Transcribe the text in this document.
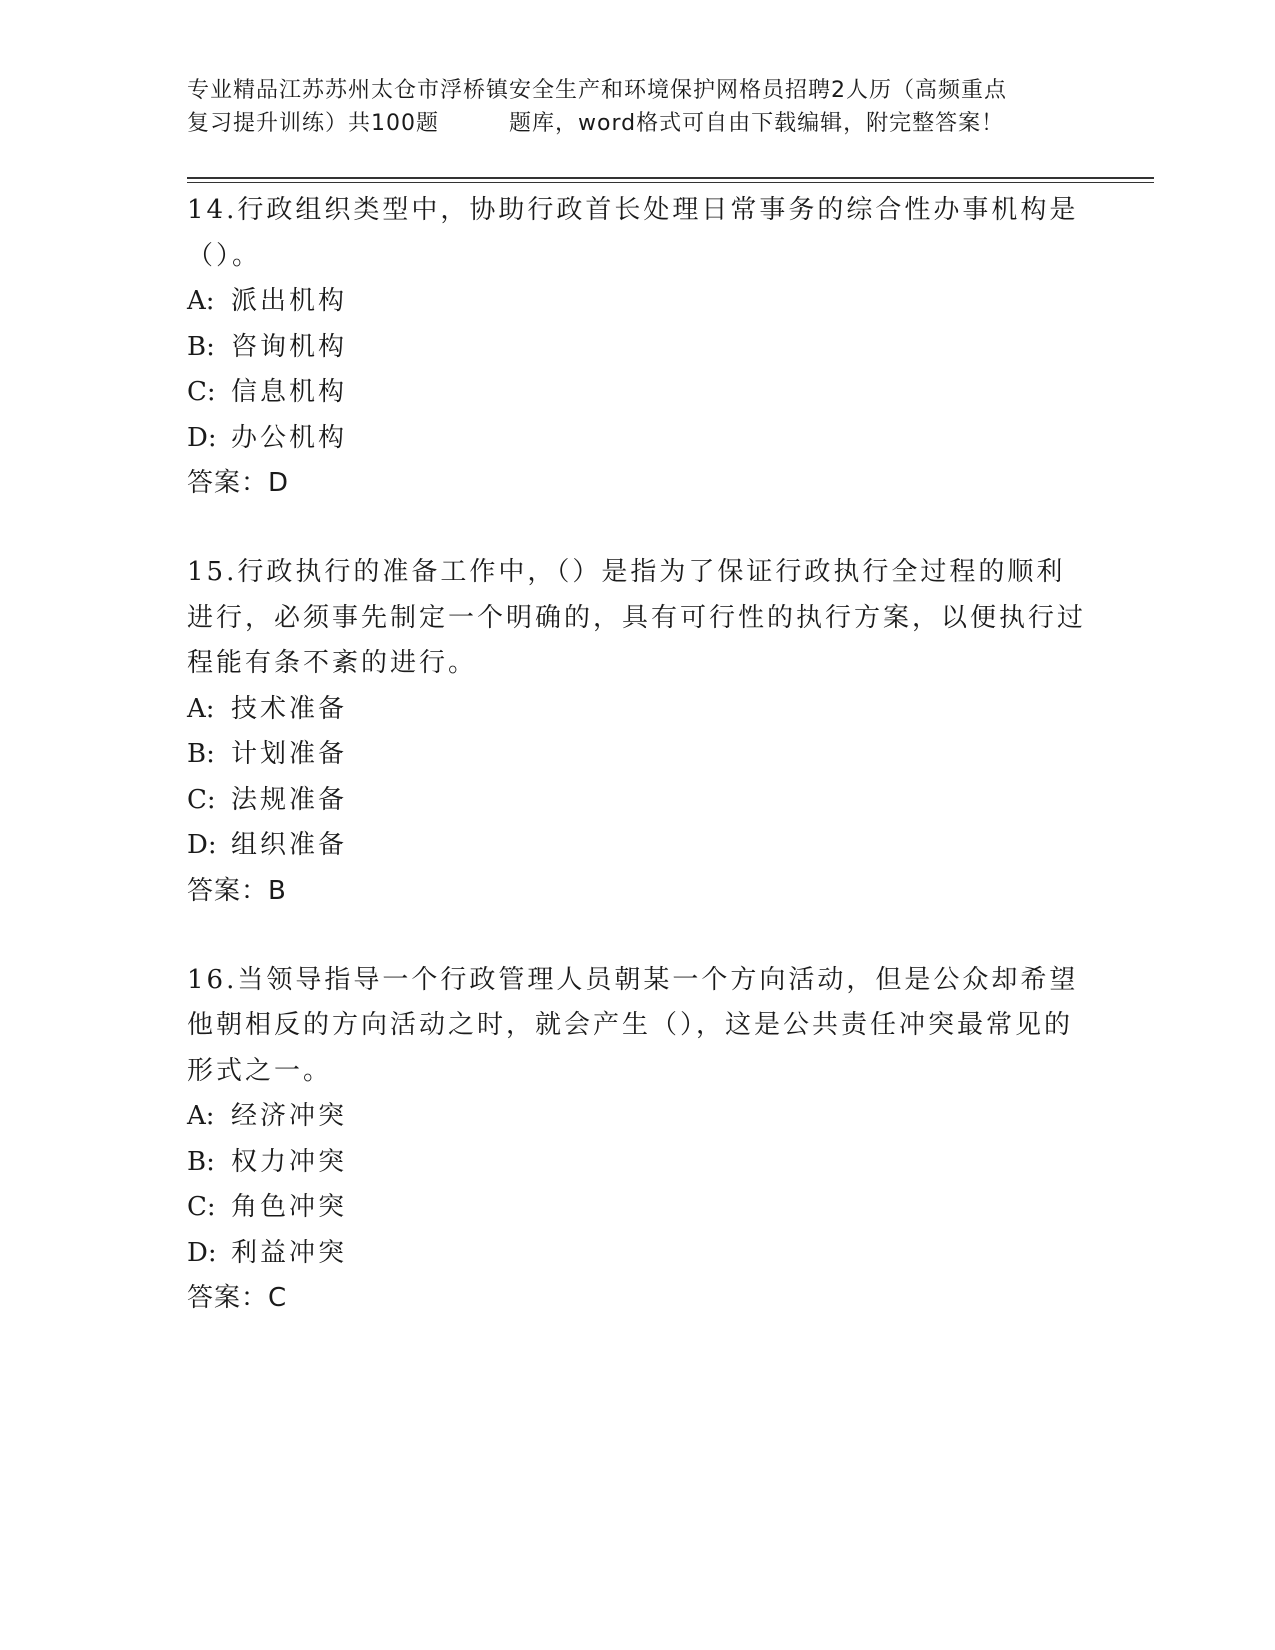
专业精品江苏苏州太仓市浮桥镇安全生产和环境保护网格员招聘2人历（高频重点
复习提升训练）共100题	题库，word格式可自由下载编辑，附完整答案！
14.行政组织类型中，协助行政首长处理日常事务的综合性办事机构是（）。
A: 派出机构
B: 咨询机构
C: 信息机构
D: 办公机构
答案：D
15.行政执行的准备工作中，（）是指为了保证行政执行全过程的顺利进行，必须事先制定一个明确的，具有可行性的执行方案，以便执行过程能有条不紊的进行。
A: 技术准备
B: 计划准备
C: 法规准备
D: 组织准备
答案：B
16.当领导指导一个行政管理人员朝某一个方向活动，但是公众却希望他朝相反的方向活动之时，就会产生（），这是公共责任冲突最常见的形式之一。
A: 经济冲突
B: 权力冲突
C: 角色冲突
D: 利益冲突
答案：C
